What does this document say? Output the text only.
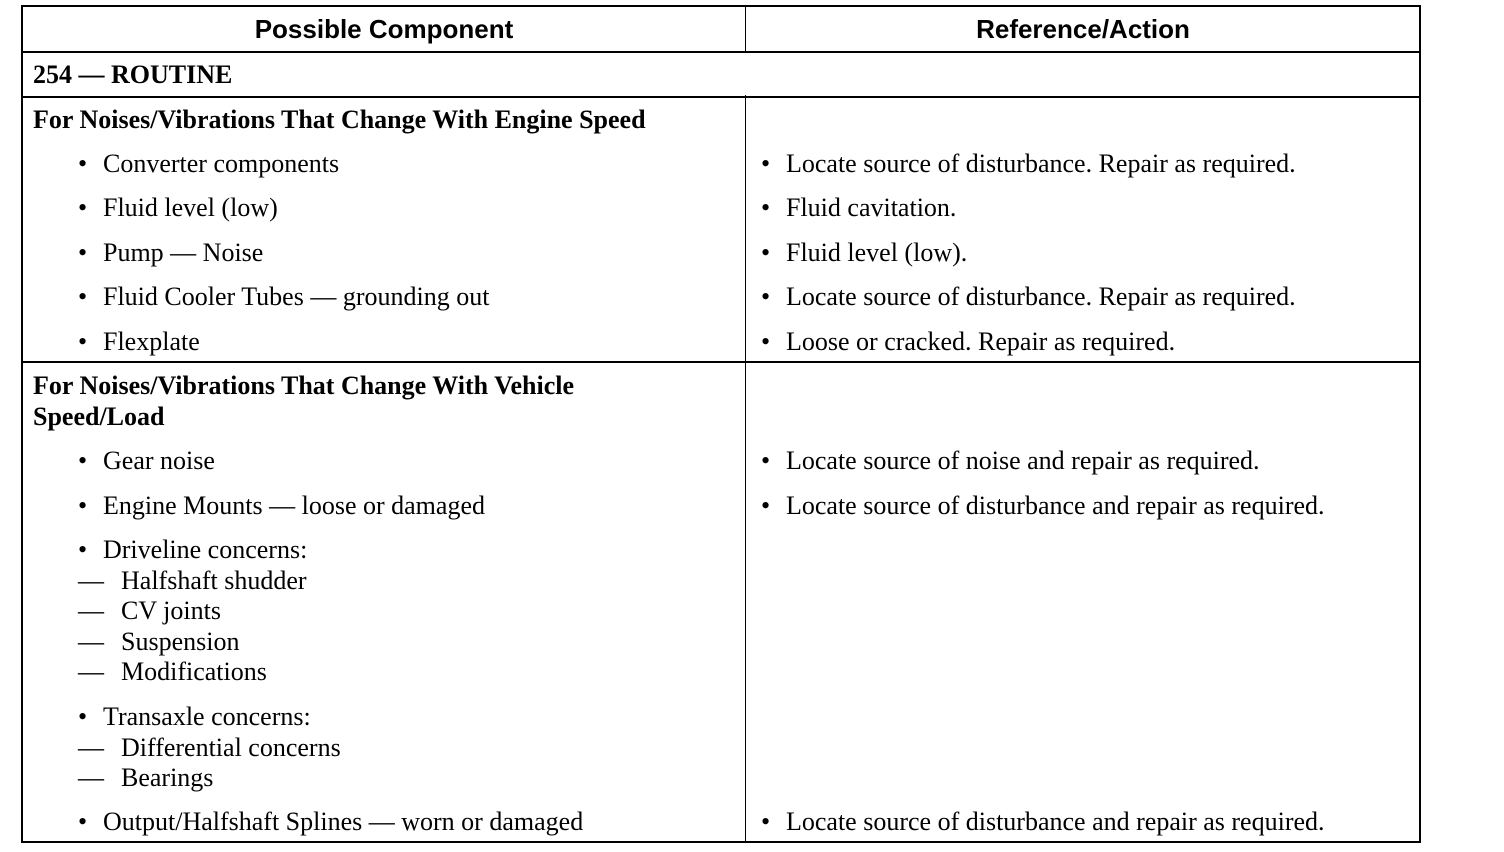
Possible Component	Reference/Action
254 — ROUTINE
For Noises/Vibrations That Change With Engine Speed
• Converter components	• Locate source of disturbance. Repair as required.
• Fluid level (low)	• Fluid cavitation.
• Pump — Noise	• Fluid level (low).
• Fluid Cooler Tubes — grounding out	• Locate source of disturbance. Repair as required.
• Flexplate	• Loose or cracked. Repair as required.
For Noises/Vibrations That Change With Vehicle
Speed/Load
• Gear noise	• Locate source of noise and repair as required.
• Engine Mounts — loose or damaged	• Locate source of disturbance and repair as required.
• Driveline concerns:
— Halfshaft shudder
— CV joints
— Suspension
— Modifications
• Transaxle concerns:
— Differential concerns
— Bearings
• Output/Halfshaft Splines — worn or damaged	• Locate source of disturbance and repair as required.
